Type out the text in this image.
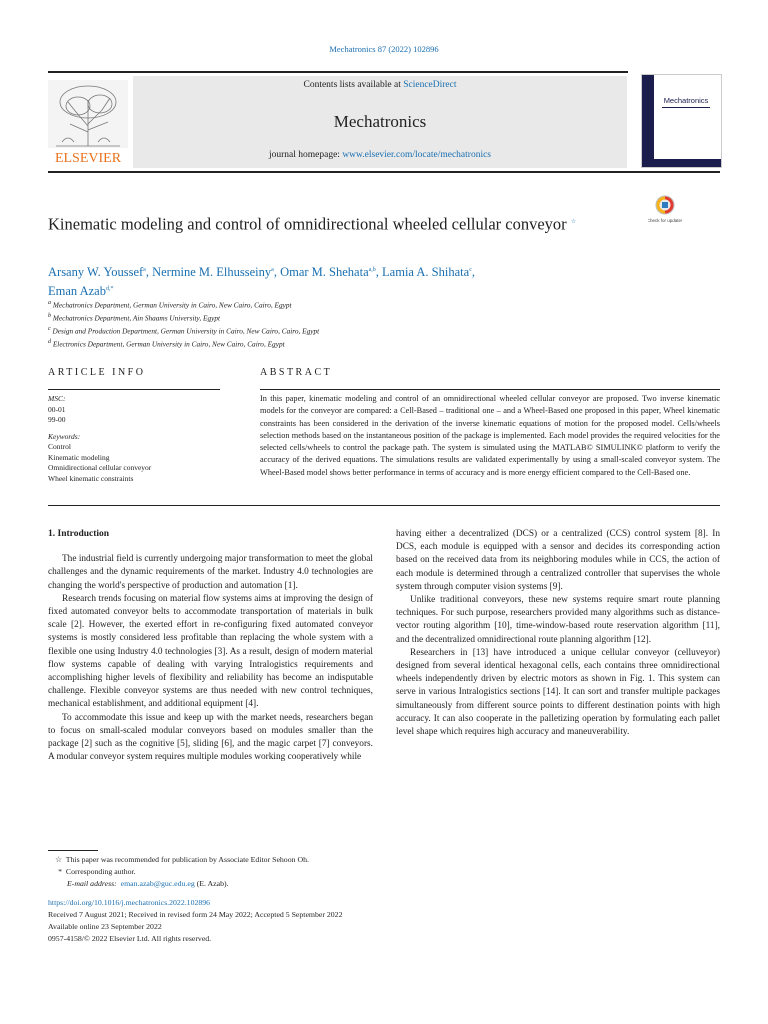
Mechatronics 87 (2022) 102896
ELSEVIER
Contents lists available at ScienceDirect
Mechatronics
journal homepage: www.elsevier.com/locate/mechatronics
Mechatronics
Kinematic modeling and control of omnidirectional wheeled cellular conveyor ☆	Check for updates
Arsany W. Youssef$^a$, Nermine M. Elhusseiny$^a$, Omar M. Shehata$^{a,b}$, Lamia A. Shihata$^c$,
Eman Azab$^{d,*}$
$^a$ Mechatronics Department, German University in Cairo, New Cairo, Cairo, Egypt
$^b$ Mechatronics Department, Ain Shaams University, Egypt
$^c$ Design and Production Department, German University in Cairo, New Cairo, Cairo, Egypt
$^d$ Electronics Department, German University in Cairo, New Cairo, Cairo, Egypt
ARTICLE INFO	ABSTRACT
MSC:
00-01
99-00
Keywords:
Control
Kinematic modeling
Omnidirectional cellular conveyor
Wheel kinematic constraints
In this paper, kinematic modeling and control of an omnidirectional wheeled cellular conveyor are proposed. Two inverse kinematic models for the conveyor are compared: a Cell-Based – traditional one – and a Wheel-Based one proposed in this paper, Wheel kinematic constraints has been considered in the derivation of the inverse kinematic equations of motion for the proposed model. Cells/wheels selection methods based on the instantaneous position of the package is implemented. Each model provides the required velocities for the selected cells/wheels to control the package path. The system is simulated using the MATLAB© SIMULINK© platform to verify the accuracy of the derived equations. The simulations results are validated experimentally by using a small-scaled conveyor system. The Wheel-Based model shows better performance in terms of accuracy and is more energy efficient compared to the Cell-Based one.
1. Introduction

The industrial field is currently undergoing major transformation to meet the global challenges and the dynamic requirements of the market. Industry 4.0 technologies are changing the world's perspective of production and automation [1].

Research trends focusing on material flow systems aims at improving the design of fixed automated conveyor belts to accommodate transportation of materials in bulk scale [2]. However, the exerted effort in re-configuring fixed automated conveyor systems is mostly considered less profitable than replacing the whole system with a flexible one using Industry 4.0 technologies [3]. As a result, design of modern material flow systems capable of dealing with varying Intralogistics requirements and accomplishing higher levels of flexibility and reliability has become an indisputable challenge. Flexible conveyor systems are thus needed with new control techniques, mechanical establishment, and additional equipment [4].

To accommodate this issue and keep up with the market needs, researchers began to focus on small-scaled modular conveyors based on modules smaller than the package [2] such as the cognitive [5], sliding [6], and the magic carpet [7] conveyors. A modular conveyor system requires multiple modules working cooperatively while

having either a decentralized (DCS) or a centralized (CCS) control system [8]. In DCS, each module is equipped with a sensor and decides its corresponding action based on the received data from its neighboring modules while in CCS, the action of each module is determined through a centralized controller that supervises the whole system through computer vision systems [9].

Unlike traditional conveyors, these new systems require smart route planning techniques. For such purpose, researchers provided many algorithms such as distance-vector routing algorithm [10], time-window-based route reservation algorithm [11], and the decentralized omnidirectional route planning algorithm [12].

Researchers in [13] have introduced a unique cellular conveyor (celluveyor) designed from several identical hexagonal cells, each contains three omnidirectional wheels independently driven by electric motors as shown in Fig. 1. This system can serve in various Intralogistics sections [14]. It can sort and transfer multiple packages simultaneously from different source points to different destination points with high accuracy. It can also cooperate in the palletizing operation by formulating each pallet level shape which requires high accuracy and maneuverability.

☆ This paper was recommended for publication by Associate Editor Sehoon Oh.
* Corresponding author.
E-mail address: eman.azab@guc.edu.eg (E. Azab).
https://doi.org/10.1016/j.mechatronics.2022.102896
Received 7 August 2021; Received in revised form 24 May 2022; Accepted 5 September 2022
Available online 23 September 2022
0957-4158/© 2022 Elsevier Ltd. All rights reserved.
